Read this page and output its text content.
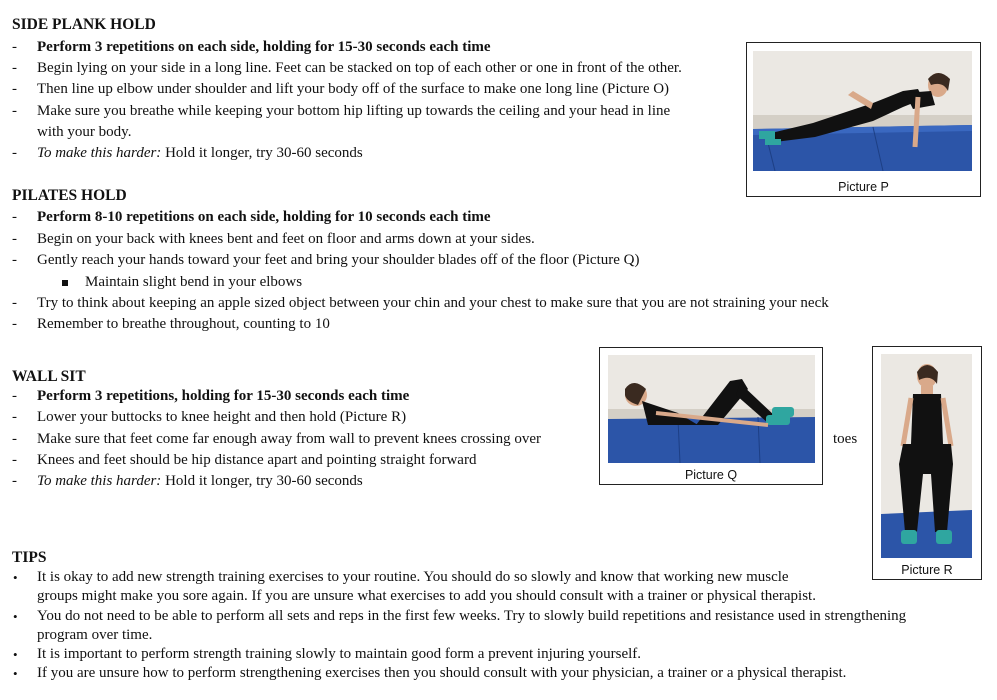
SIDE PLANK HOLD
- Perform 3 repetitions on each side, holding for 15-30 seconds each time
- Begin lying on your side in a long line. Feet can be stacked on top of each other or one in front of the other.
- Then line up elbow under shoulder and lift your body off of the surface to make one long line (Picture O)
- Make sure you breathe while keeping your bottom hip lifting up towards the ceiling and your head in line
with your body.
- To make this harder: Hold it longer, try 30-60 seconds
Picture P
PILATES HOLD
- Perform 8-10 repetitions on each side, holding for 10 seconds each time
- Begin on your back with knees bent and feet on floor and arms down at your sides.
- Gently reach your hands toward your feet and bring your shoulder blades off of the floor (Picture Q)
Maintain slight bend in your elbows
- Try to think about keeping an apple sized object between your chin and your chest to make sure that you are not straining your neck
- Remember to breathe throughout, counting to 10
WALL SIT
- Perform 3 repetitions, holding for 15-30 seconds each time
- Lower your buttocks to knee height and then hold (Picture R)
- Make sure that feet come far enough away from wall to prevent knees crossing over	toes
- Knees and feet should be hip distance apart and pointing straight forward
- To make this harder: Hold it longer, try 30-60 seconds	Picture Q
Picture R
TIPS
• It is okay to add new strength training exercises to your routine. You should do so slowly and know that working new muscle
groups might make you sore again. If you are unsure what exercises to add you should consult with a trainer or physical therapist.
• You do not need to be able to perform all sets and reps in the first few weeks. Try to slowly build repetitions and resistance used in strengthening
program over time.
• It is important to perform strength training slowly to maintain good form a prevent injuring yourself.
• If you are unsure how to perform strengthening exercises then you should consult with your physician, a trainer or a physical therapist.
